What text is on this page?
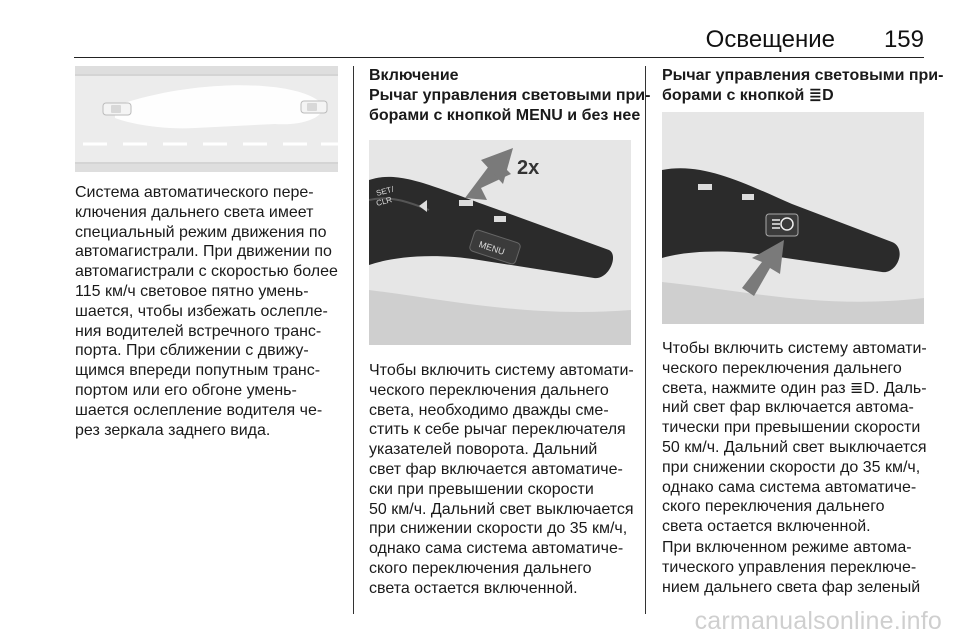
Освещение 159
Система автоматического пере-
ключения дальнего света имеет
специальный режим движения по
автомагистрали. При движении по
автомагистрали с скоростью более
115 км/ч световое пятно умень-
шается, чтобы избежать ослепле-
ния водителей встречного транс-
порта. При сближении с движу-
щимся впереди попутным транс-
портом или его обгоне умень-
шается ослепление водителя че-
рез зеркала заднего вида.
Включение
Рычаг управления световыми при-
борами с кнопкой MENU и без нее
MENU
SET/
CLR
2x
Чтобы включить систему автомати-
ческого переключения дальнего
света, необходимо дважды сме-
стить к себе рычаг переключателя
указателей поворота. Дальний
свет фар включается автоматиче-
ски при превышении скорости
50 км/ч. Дальний свет выключается
при снижении скорости до 35 км/ч,
однако сама система автоматиче-
ского переключения дальнего
света остается включенной.
Рычаг управления световыми при-
борами с кнопкой ≣D
Чтобы включить систему автомати-
ческого переключения дальнего
света, нажмите один раз ≣D. Даль-
ний свет фар включается автома-
тически при превышении скорости
50 км/ч. Дальний свет выключается
при снижении скорости до 35 км/ч,
однако сама система автоматиче-
ского переключения дальнего
света остается включенной.
При включенном режиме автома-
тического управления переключе-
нием дальнего света фар зеленый
carmanualsonline.info
